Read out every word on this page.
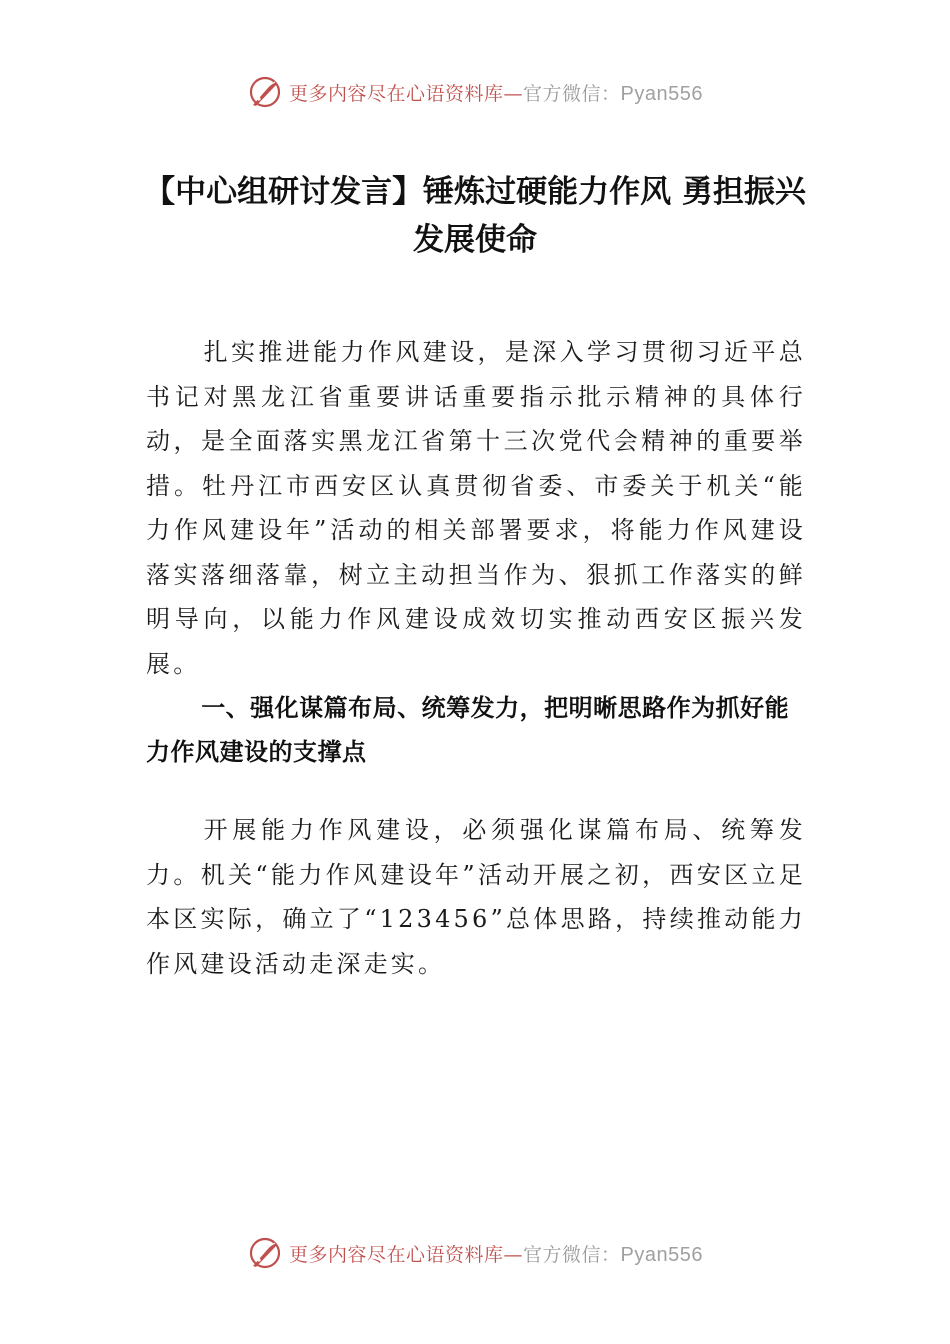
更多内容尽在心语资料库—官方微信：Pyan556
【中心组研讨发言】锤炼过硬能力作风 勇担振兴发展使命

扎实推进能力作风建设，是深入学习贯彻习近平总书记对黑龙江省重要讲话重要指示批示精神的具体行动，是全面落实黑龙江省第十三次党代会精神的重要举措。牡丹江市西安区认真贯彻省委、市委关于机关“能力作风建设年”活动的相关部署要求，将能力作风建设落实落细落靠，树立主动担当作为、狠抓工作落实的鲜明导向，以能力作风建设成效切实推动西安区振兴发展。

一、强化谋篇布局、统筹发力，把明晰思路作为抓好能力作风建设的支撑点

开展能力作风建设，必须强化谋篇布局、统筹发力。机关“能力作风建设年”活动开展之初，西安区立足本区实际，确立了“123456”总体思路，持续推动能力作风建设活动走深走实。

更多内容尽在心语资料库—官方微信：Pyan556
